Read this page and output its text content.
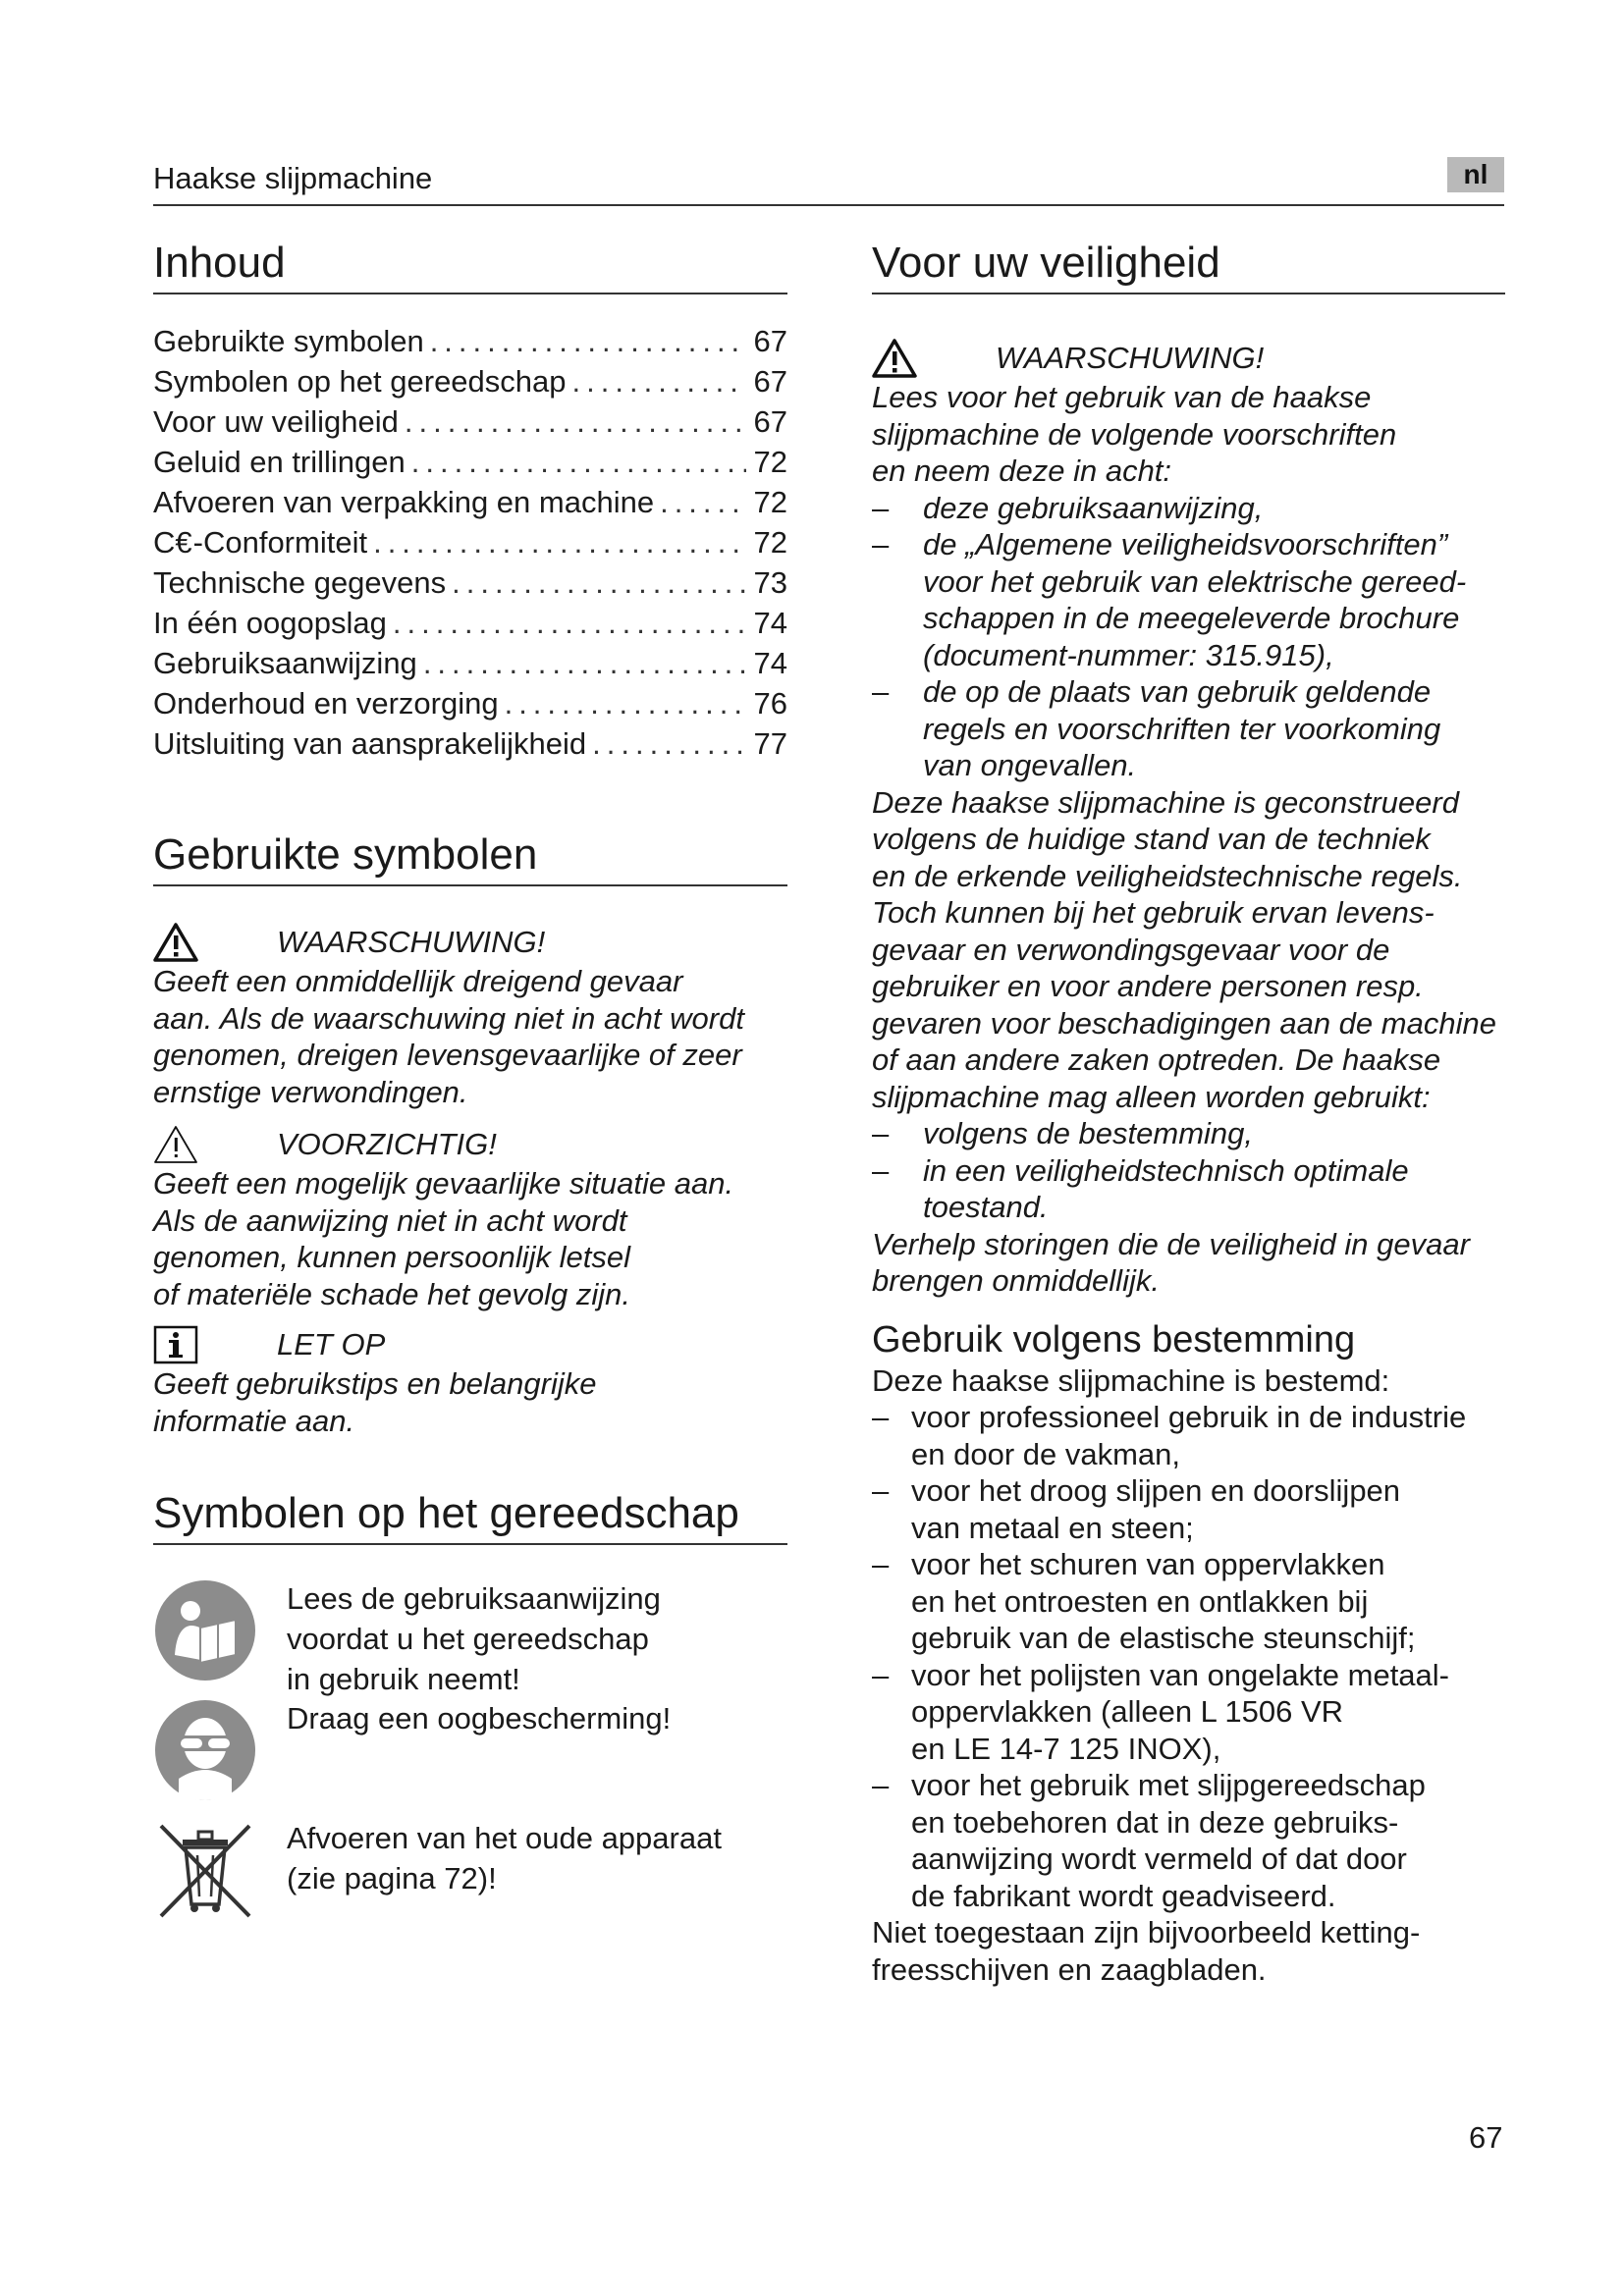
Haakse slijpmachine	nl
Inhoud
Gebruikte symbolen .....	67
Symbolen op het gereedschap .....	67
Voor uw veiligheid .....	67
Geluid en trillingen .....	72
Afvoeren van verpakking en machine .....	72
C€ -Conformiteit .....	72
Technische gegevens .....	73
In één oogopslag .....	74
Gebruiksaanwijzing .....	74
Onderhoud en verzorging .....	76
Uitsluiting van aansprakelijkheid .....	77
Gebruikte symbolen
WAARSCHUWING!

Geeft een onmiddellijk dreigend gevaar
aan. Als de waarschuwing niet in acht wordt
genomen, dreigen levensgevaarlijke of zeer
ernstige verwondingen.

VOORZICHTIG!

Geeft een mogelijk gevaarlijke situatie aan.
Als de aanwijzing niet in acht wordt
genomen, kunnen persoonlijk letsel
of materiële schade het gevolg zijn.

LET OP

Geeft gebruikstips en belangrijke
informatie aan.

Symbolen op het gereedschap

Lees de gebruiksaanwijzing
voordat u het gereedschap
in gebruik neemt!

Draag een oogbescherming!

Afvoeren van het oude apparaat
(zie pagina 72)!

Voor uw veiligheid
WAARSCHUWING!

Lees voor het gebruik van de haakse
slijpmachine de volgende voorschriften
en neem deze in acht:

– deze gebruiksaanwijzing,
– de „Algemene veiligheidsvoorschriften”
voor het gebruik van elektrische gereed-
schappen in de meegeleverde brochure
(document-nummer: 315.915),
– de op de plaats van gebruik geldende
regels en voorschriften ter voorkoming
van ongevallen.

Deze haakse slijpmachine is geconstrueerd
volgens de huidige stand van de techniek
en de erkende veiligheidstechnische regels.
Toch kunnen bij het gebruik ervan levens-
gevaar en verwondingsgevaar voor de
gebruiker en voor andere personen resp.
gevaren voor beschadigingen aan de machine
of aan andere zaken optreden. De haakse
slijpmachine mag alleen worden gebruikt:

– volgens de bestemming,
– in een veiligheidstechnisch optimale
toestand.

Verhelp storingen die de veiligheid in gevaar
brengen onmiddellijk.

Gebruik volgens bestemming

Deze haakse slijpmachine is bestemd:

– voor professioneel gebruik in de industrie
en door de vakman,
– voor het droog slijpen en doorslijpen
van metaal en steen;
– voor het schuren van oppervlakken
en het ontroesten en ontlakken bij
gebruik van de elastische steunschijf;
– voor het polijsten van ongelakte metaal-
oppervlakken (alleen L 1506 VR
en LE 14-7 125 INOX),
– voor het gebruik met slijpgereedschap
en toebehoren dat in deze gebruiks-
aanwijzing wordt vermeld of dat door
de fabrikant wordt geadviseerd.

Niet toegestaan zijn bijvoorbeeld ketting-
freesschijven en zaagbladen.

67
